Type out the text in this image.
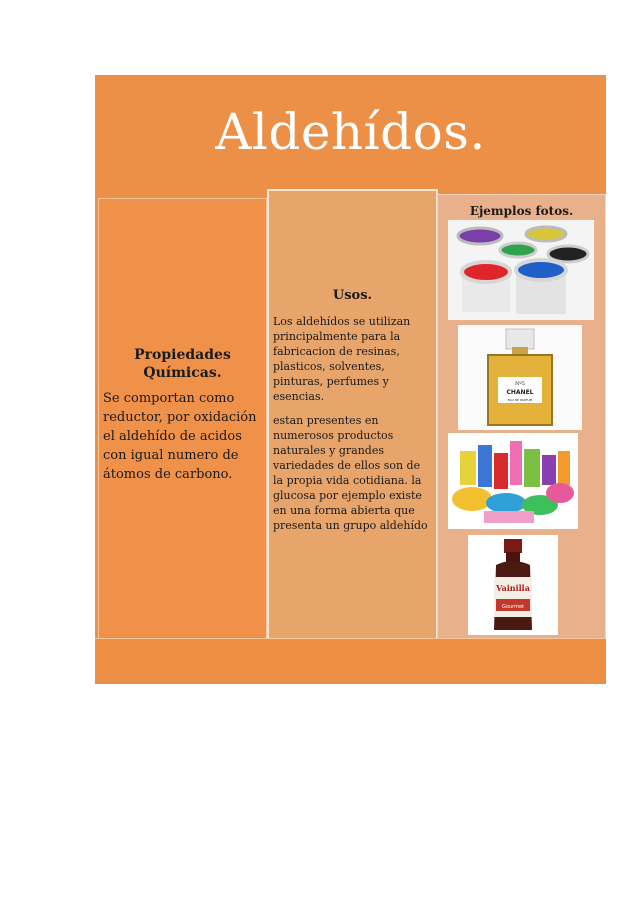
Aldehídos.
Propiedades Químicas.
Se comportan como reductor, por oxidación el aldehído de acidos con igual numero de átomos de carbono.
Usos.

Los aldehídos se utilizan principalmente para la fabricacion de resinas, plasticos, solventes, pinturas, perfumes y esencias.

estan presentes en numerosos productos naturales y grandes variedades de ellos son de la propia vida cotidiana. la glucosa por ejemplo existe en una forma abierta que presenta un grupo aldehído

Ejemplos fotos.
Nº5
CHANEL
EAU DE PARFUM
Vainilla
Gourmet
